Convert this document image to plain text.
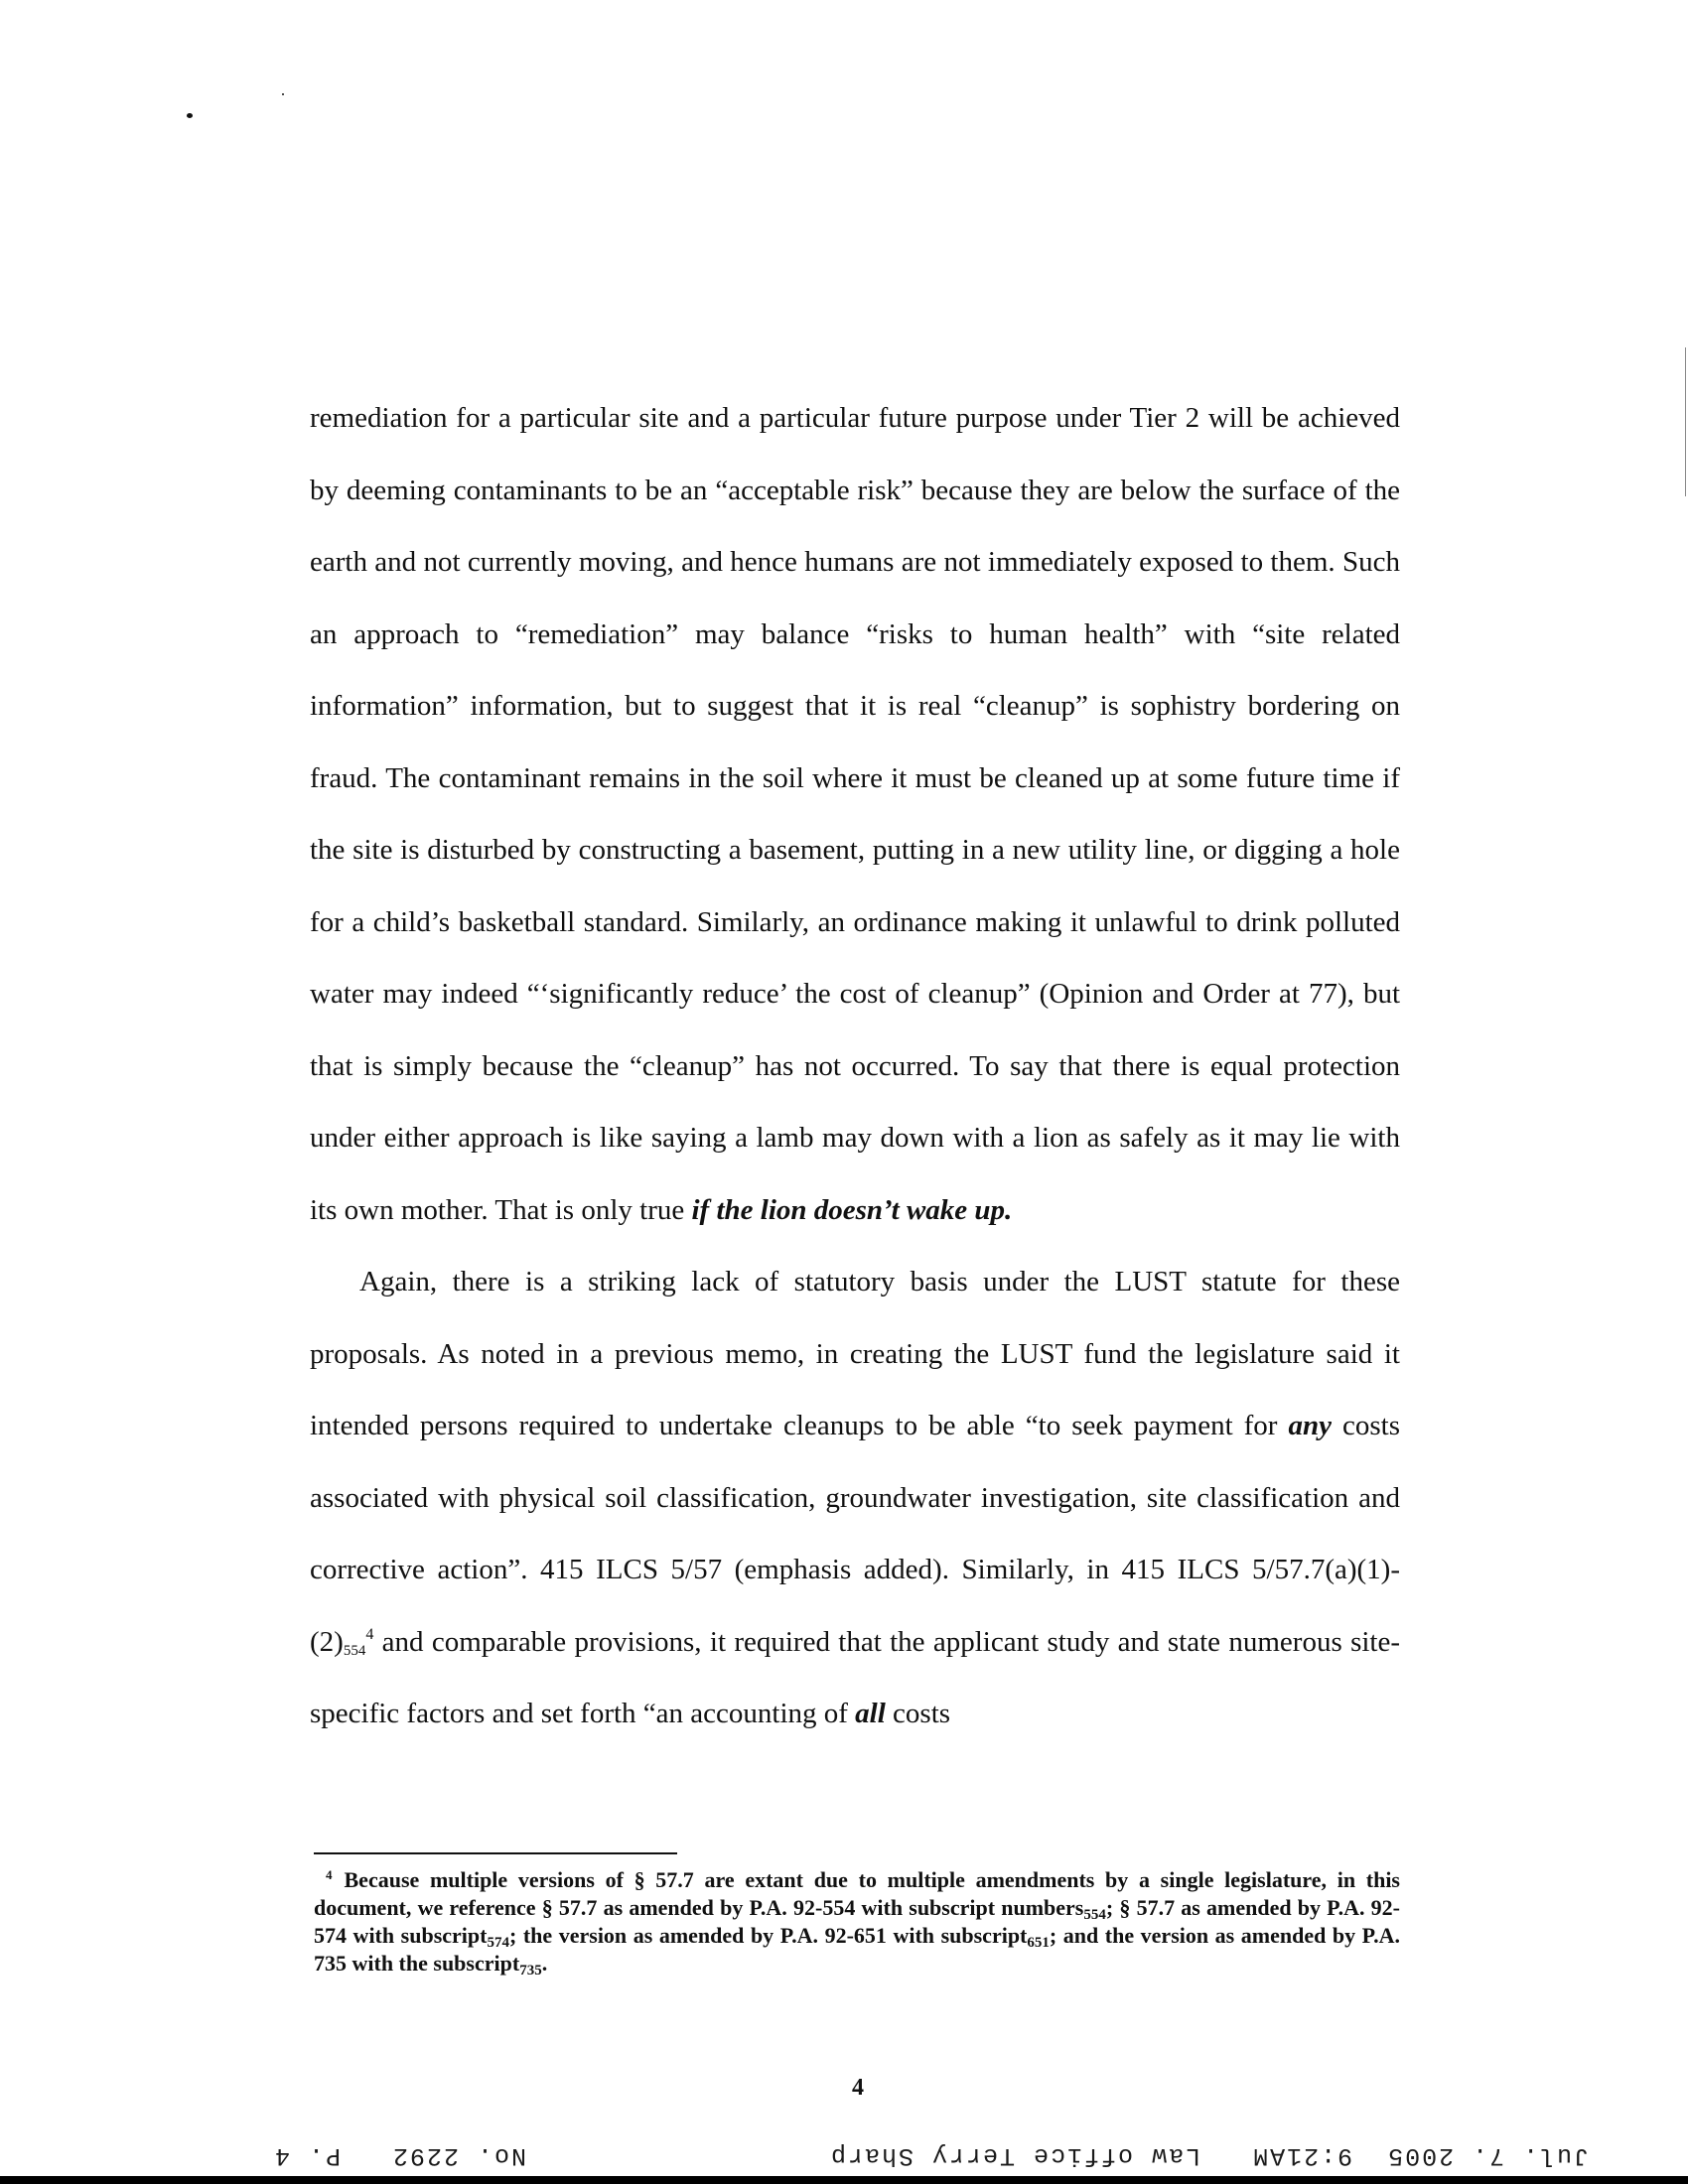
remediation for a particular site and a particular future purpose under Tier 2 will be achieved by deeming contaminants to be an “acceptable risk” because they are below the surface of the earth and not currently moving, and hence humans are not immediately exposed to them. Such an approach to “remediation” may balance “risks to human health” with “site related information” information, but to suggest that it is real “cleanup” is sophistry bordering on fraud. The contaminant remains in the soil where it must be cleaned up at some future time if the site is disturbed by constructing a basement, putting in a new utility line, or digging a hole for a child’s basketball standard. Similarly, an ordinance making it unlawful to drink polluted water may indeed “‘significantly reduce’ the cost of cleanup” (Opinion and Order at 77), but that is simply because the “cleanup” has not occurred. To say that there is equal protection under either approach is like saying a lamb may down with a lion as safely as it may lie with its own mother. That is only true if the lion doesn’t wake up.

Again, there is a striking lack of statutory basis under the LUST statute for these proposals. As noted in a previous memo, in creating the LUST fund the legislature said it intended persons required to undertake cleanups to be able “to seek payment for any costs associated with physical soil classification, groundwater investigation, site classification and corrective action”. 415 ILCS 5/57 (emphasis added). Similarly, in 415 ILCS $5/57.7(a)(1)-(2)_{554}^4$ and comparable provisions, it required that the applicant study and state numerous site-specific factors and set forth “an accounting of all costs

$^4$ Because multiple versions of § 57.7 are extant due to multiple amendments by a single legislature, in this document, we reference § 57.7 as amended by P.A. 92-554 with subscript numbers$_{554}$; § 57.7 as amended by P.A. 92-574 with subscript$_{574}$; the version as amended by P.A. 92-651 with subscript$_{651}$; and the version as amended by P.A. 735 with the subscript$_{735}$.
4
No. 2292   P. 4	Jul. 7. 2005  9:21AM   Law office Terry Sharp
